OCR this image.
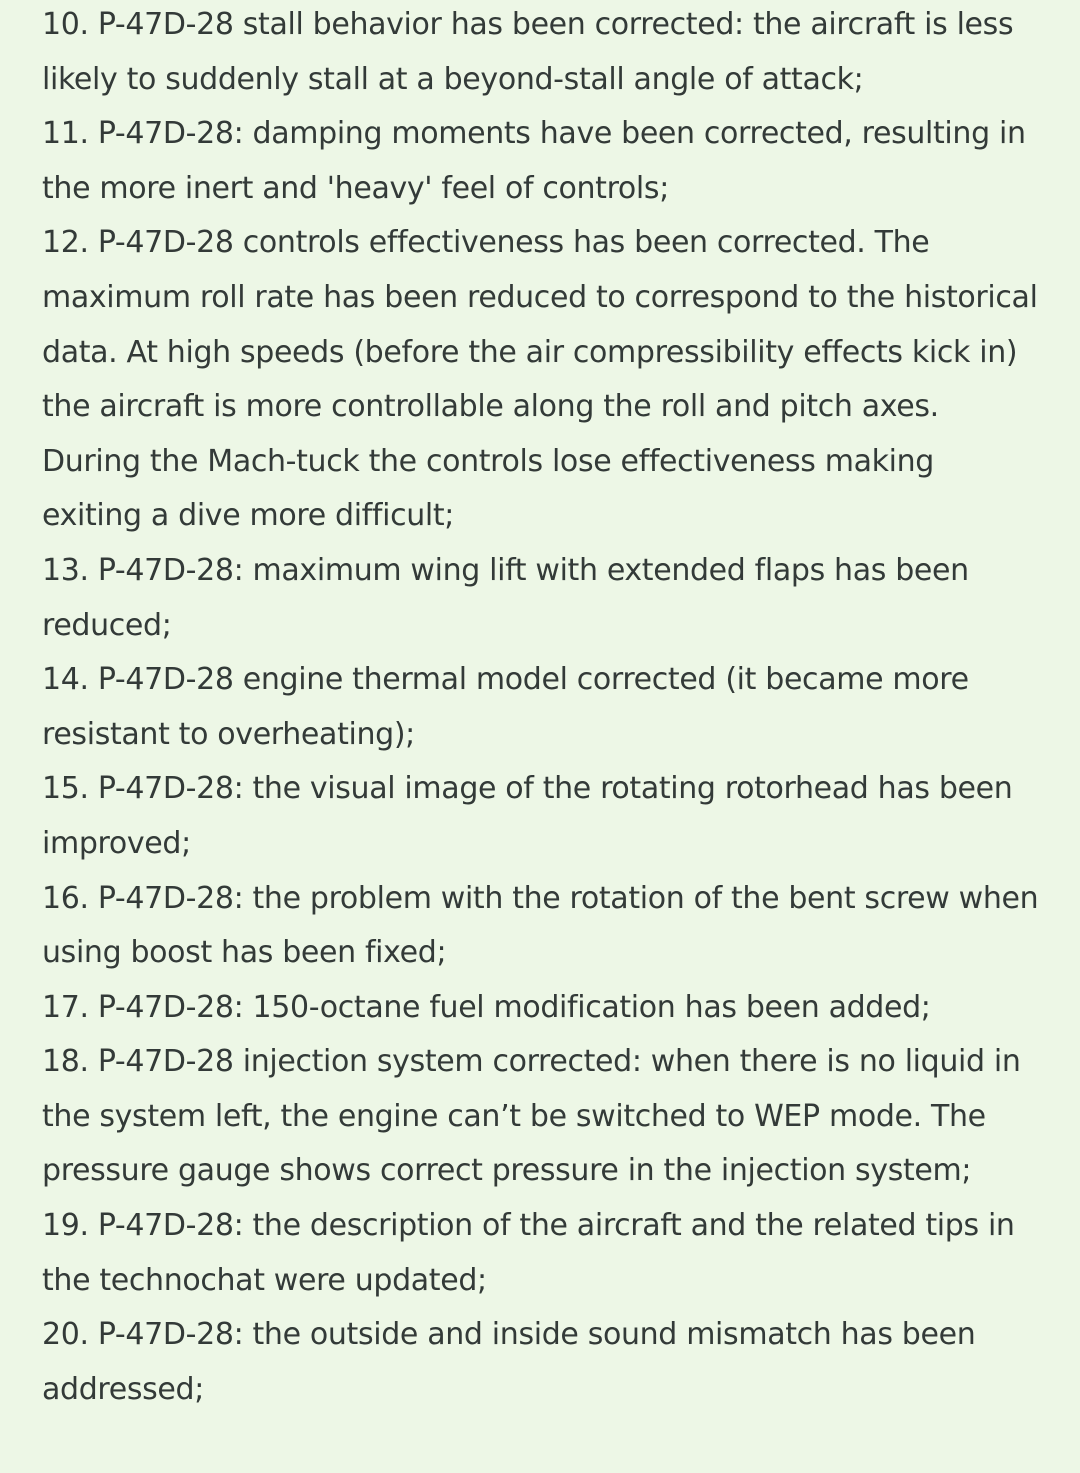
10. P-47D-28 stall behavior has been corrected: the aircraft is less likely to suddenly stall at a beyond-stall angle of attack;

11. P-47D-28: damping moments have been corrected, resulting in the more inert and 'heavy' feel of controls;

12. P-47D-28 controls effectiveness has been corrected. The maximum roll rate has been reduced to correspond to the historical data. At high speeds (before the air compressibility effects kick in) the aircraft is more controllable along the roll and pitch axes. During the Mach-tuck the controls lose effectiveness making exiting a dive more difficult;

13. P-47D-28: maximum wing lift with extended flaps has been reduced;

14. P-47D-28 engine thermal model corrected (it became more resistant to overheating);

15. P-47D-28: the visual image of the rotating rotorhead has been improved;

16. P-47D-28: the problem with the rotation of the bent screw when using boost has been fixed;

17. P-47D-28: 150-octane fuel modification has been added;

18. P-47D-28 injection system corrected: when there is no liquid in the system left, the engine can’t be switched to WEP mode. The pressure gauge shows correct pressure in the injection system;

19. P-47D-28: the description of the aircraft and the related tips in the technochat were updated;

20. P-47D-28: the outside and inside sound mismatch has been addressed;
